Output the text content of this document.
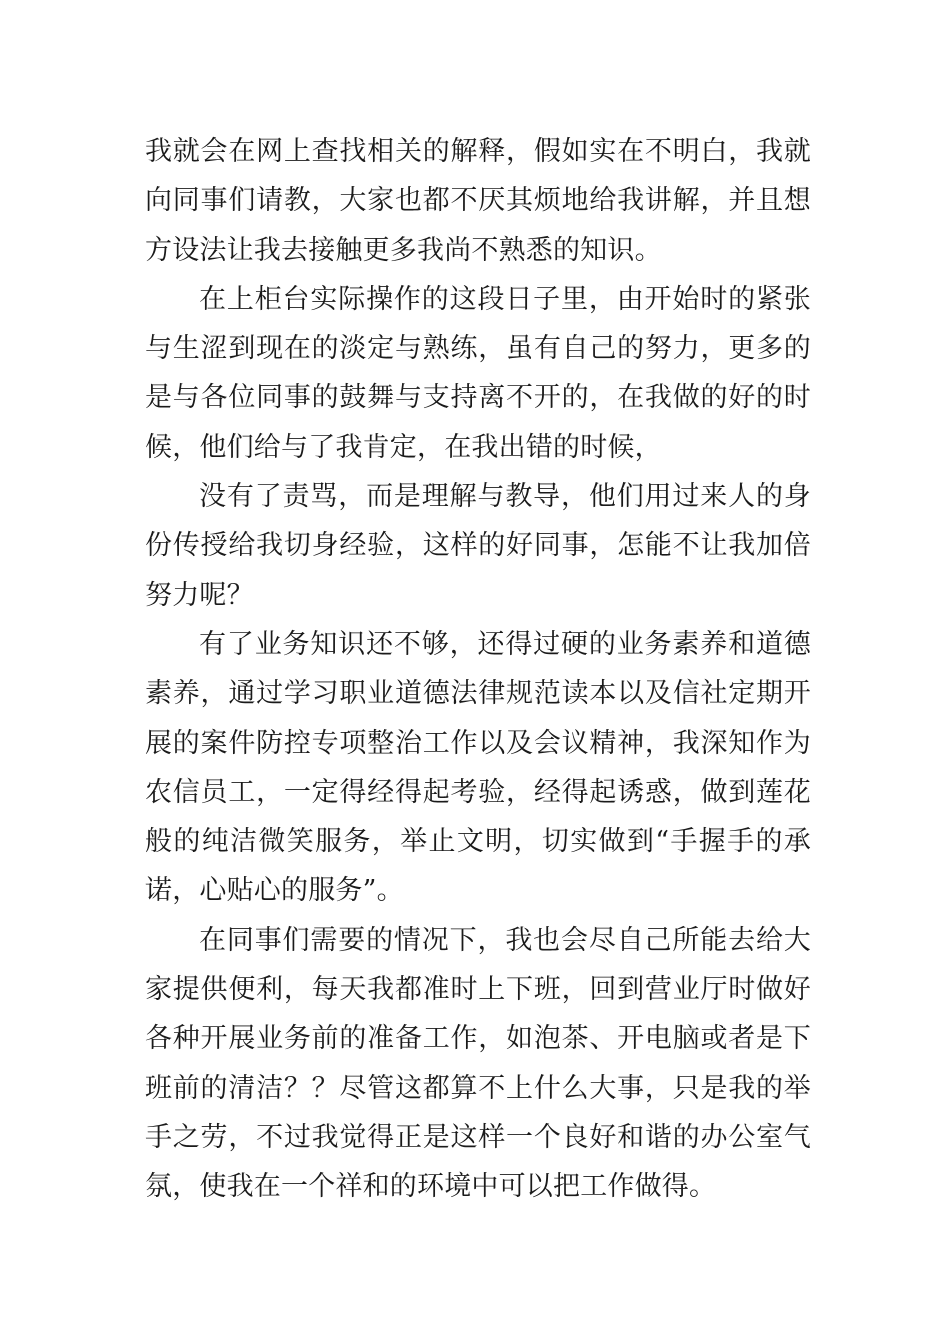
我就会在网上查找相关的解释，假如实在不明白，我就向同事们请教，大家也都不厌其烦地给我讲解，并且想方设法让我去接触更多我尚不熟悉的知识。

在上柜台实际操作的这段日子里，由开始时的紧张与生涩到现在的淡定与熟练，虽有自己的努力，更多的是与各位同事的鼓舞与支持离不开的，在我做的好的时候，他们给与了我肯定，在我出错的时候，

没有了责骂，而是理解与教导，他们用过来人的身份传授给我切身经验，这样的好同事，怎能不让我加倍努力呢？

有了业务知识还不够，还得过硬的业务素养和道德素养，通过学习职业道德法律规范读本以及信社定期开展的案件防控专项整治工作以及会议精神，我深知作为农信员工，一定得经得起考验，经得起诱惑，做到莲花般的纯洁微笑服务，举止文明，切实做到“手握手的承诺，心贴心的服务”。

在同事们需要的情况下，我也会尽自己所能去给大家提供便利，每天我都准时上下班，回到营业厅时做好各种开展业务前的准备工作，如泡茶、开电脑或者是下班前的清洁？？尽管这都算不上什么大事，只是我的举手之劳，不过我觉得正是这样一个良好和谐的办公室气氛，使我在一个祥和的环境中可以把工作做得。
